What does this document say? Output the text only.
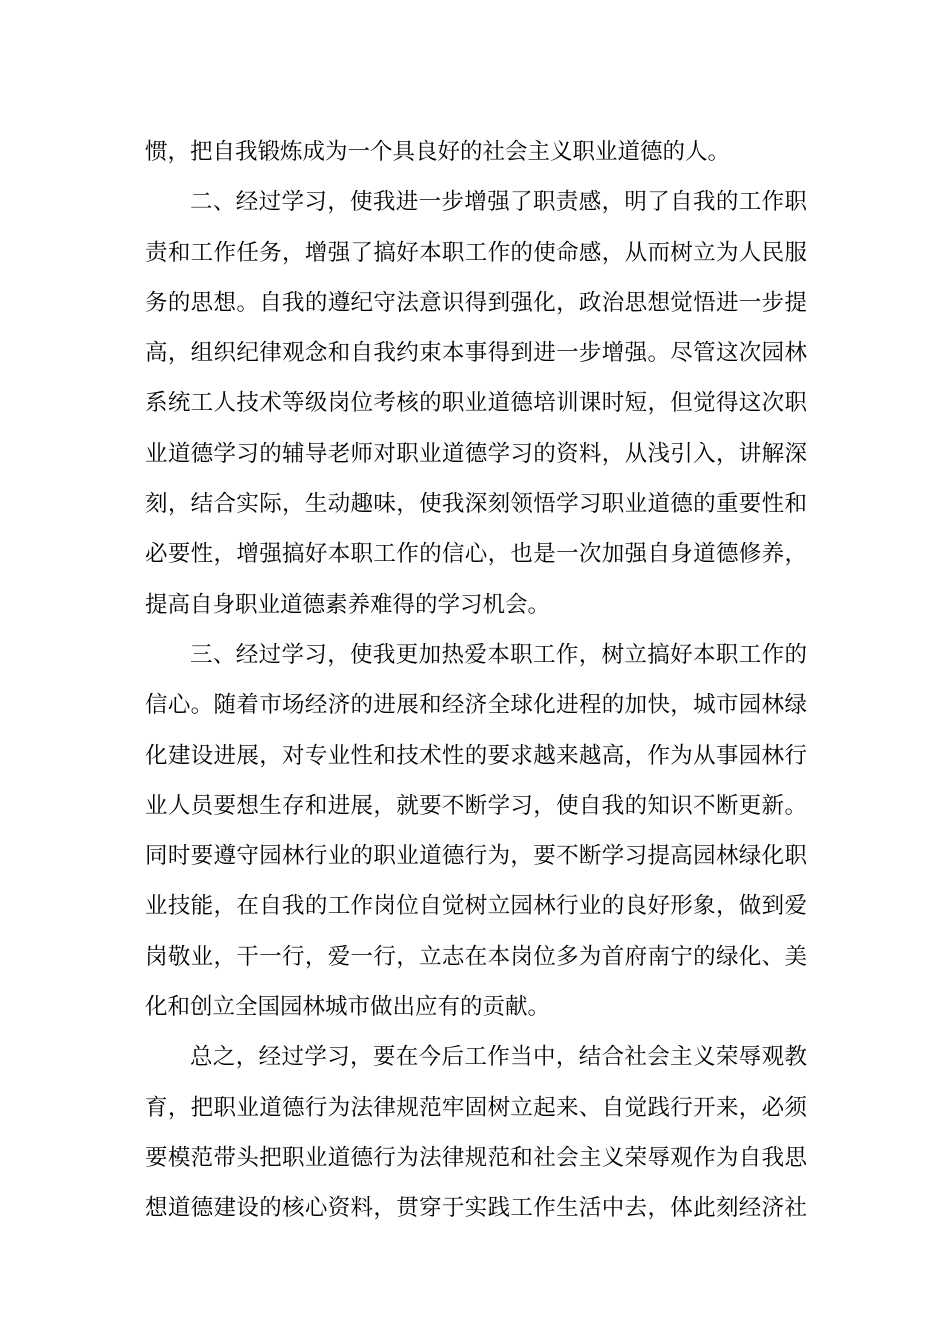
惯，把自我锻炼成为一个具良好的社会主义职业道德的人。
二、经过学习，使我进一步增强了职责感，明了自我的工作职
责和工作任务，增强了搞好本职工作的使命感，从而树立为人民服
务的思想。自我的遵纪守法意识得到强化，政治思想觉悟进一步提
高，组织纪律观念和自我约束本事得到进一步增强。尽管这次园林
系统工人技术等级岗位考核的职业道德培训课时短，但觉得这次职
业道德学习的辅导老师对职业道德学习的资料，从浅引入，讲解深
刻，结合实际，生动趣味，使我深刻领悟学习职业道德的重要性和
必要性，增强搞好本职工作的信心，也是一次加强自身道德修养，
提高自身职业道德素养难得的学习机会。
三、经过学习，使我更加热爱本职工作，树立搞好本职工作的
信心。随着市场经济的进展和经济全球化进程的加快，城市园林绿
化建设进展，对专业性和技术性的要求越来越高，作为从事园林行
业人员要想生存和进展，就要不断学习，使自我的知识不断更新。
同时要遵守园林行业的职业道德行为，要不断学习提高园林绿化职
业技能，在自我的工作岗位自觉树立园林行业的良好形象，做到爱
岗敬业，干一行，爱一行，立志在本岗位多为首府南宁的绿化、美
化和创立全国园林城市做出应有的贡献。
总之，经过学习，要在今后工作当中，结合社会主义荣辱观教
育，把职业道德行为法律规范牢固树立起来、自觉践行开来，必须
要模范带头把职业道德行为法律规范和社会主义荣辱观作为自我思
想道德建设的核心资料，贯穿于实践工作生活中去，体此刻经济社
